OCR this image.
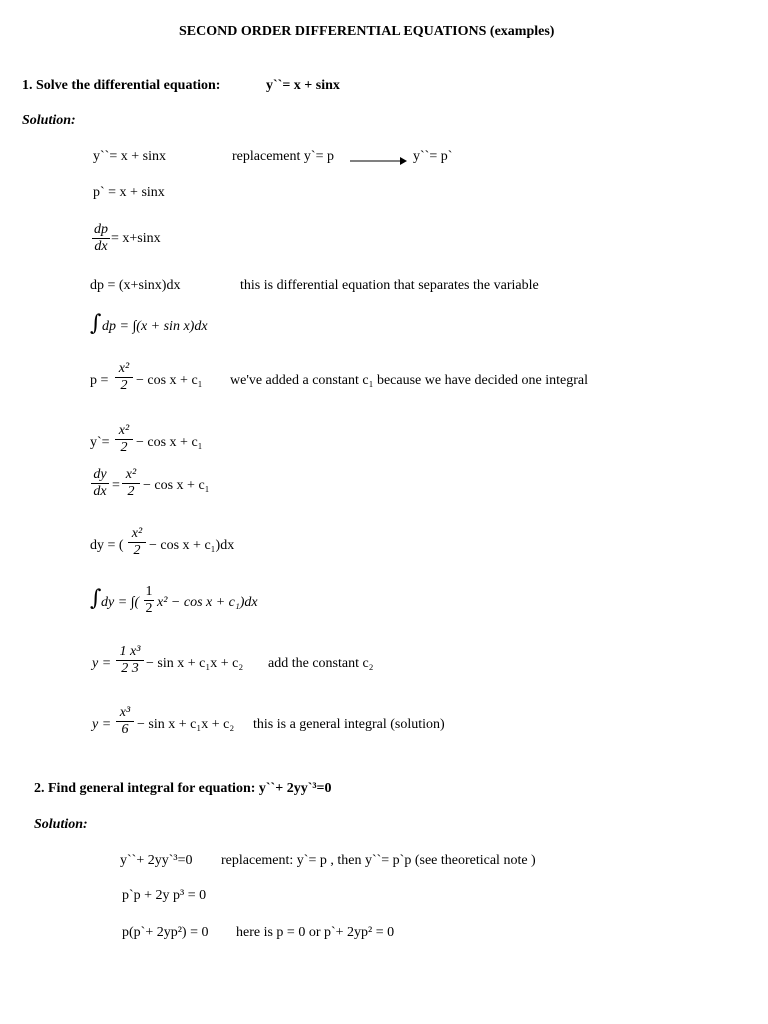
SECOND ORDER DIFFERENTIAL EQUATIONS (examples)
1. Solve the differential equation:	y``= x + sinx
Solution:
y``= x + sinx	replacement y`= p	y``= p`
p` = x + sinx
dp
dx
= x+sinx
dp = (x+sinx)dx	this is differential equation that separates the variable
∫ dp = ∫(x + sin x)dx
p =
x²
2 − cos x + c₁ we've added a constant c₁ because we have decided one integral
y`=
x²
2 − cos x + c₁
dy
dx =
x²
2 − cos x + c₁
dy = (
x²
2 − cos x + c₁)dx
∫ dy = ∫(
1
2 x² − cos x + c₁)dx
y =
1 x³
2 3 − sin x + c₁x + c₂ add the constant c₂
y =
x³
6 − sin x + c₁x + c₂ this is a general integral (solution)
2. Find general integral for equation: y``+ 2yy`³=0
Solution:
y``+ 2yy`³=0 replacement: y`= p , then y``= p`p (see theoretical note )
p`p + 2y p³ = 0
p(p`+ 2yp²) = 0 here is p = 0 or p`+ 2yp² = 0
